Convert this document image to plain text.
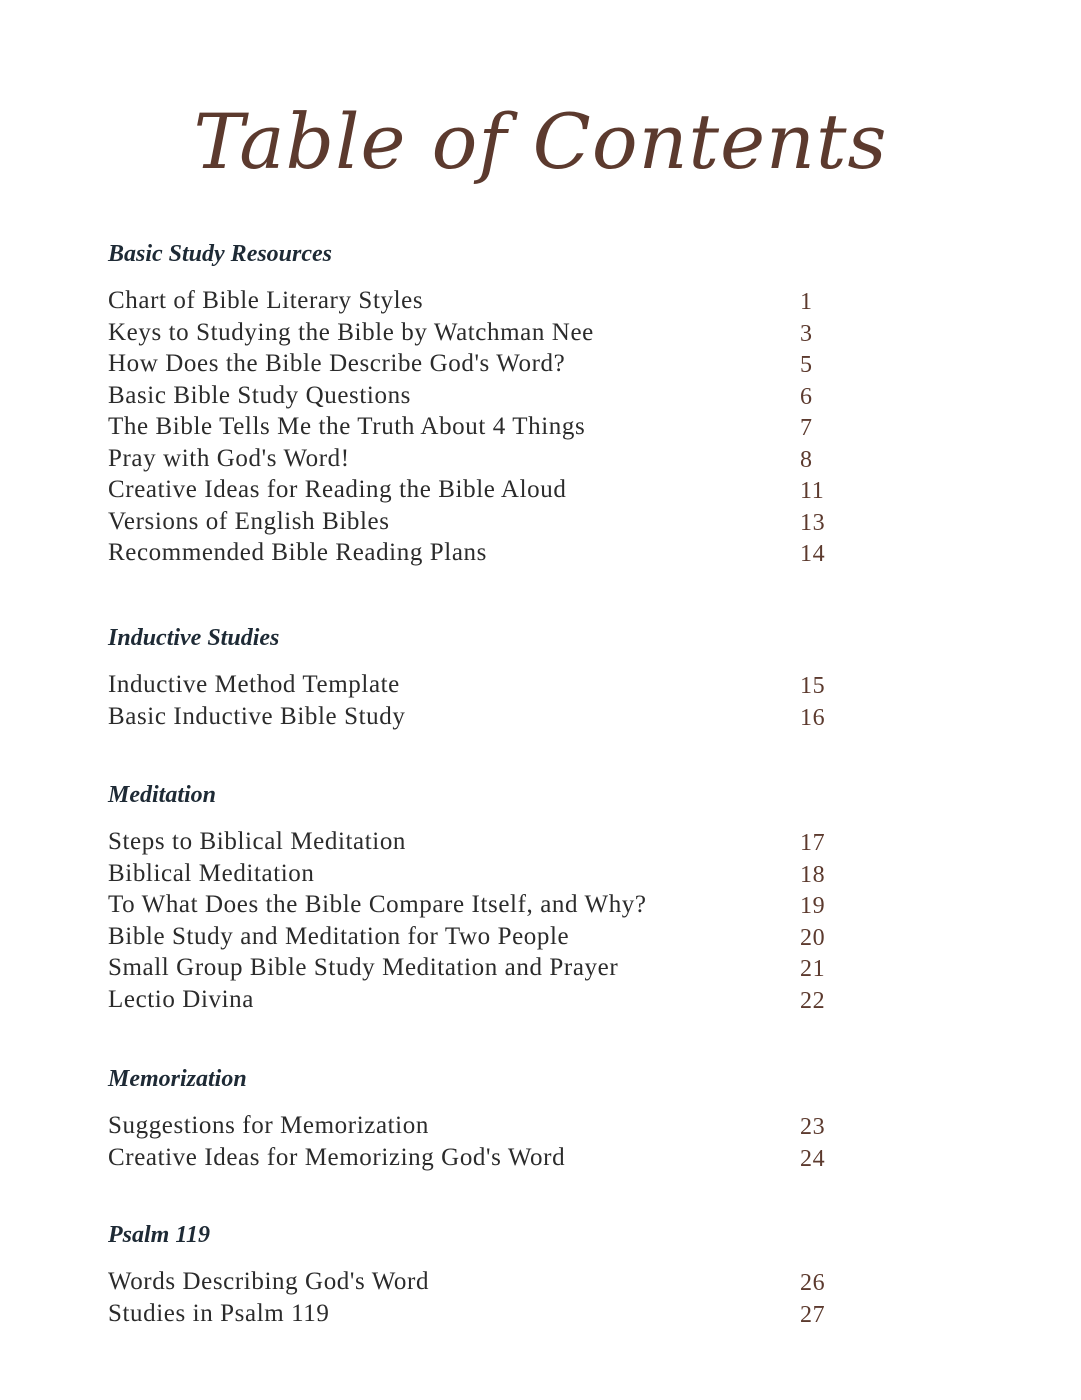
Table of Contents
Basic Study Resources
Chart of Bible Literary Styles	1
Keys to Studying the Bible by Watchman Nee	3
How Does the Bible Describe God's Word?	5
Basic Bible Study Questions	6
The Bible Tells Me the Truth About 4 Things	7
Pray with God's Word!	8
Creative Ideas for Reading the Bible Aloud	11
Versions of English Bibles	13
Recommended Bible Reading Plans	14
Inductive Studies
Inductive Method Template	15
Basic Inductive Bible Study	16
Meditation
Steps to Biblical Meditation	17
Biblical Meditation	18
To What Does the Bible Compare Itself, and Why?	19
Bible Study and Meditation for Two People	20
Small Group Bible Study Meditation and Prayer	21
Lectio Divina	22
Memorization
Suggestions for Memorization	23
Creative Ideas for Memorizing God's Word	24
Psalm 119
Words Describing God's Word	26
Studies in Psalm 119	27
